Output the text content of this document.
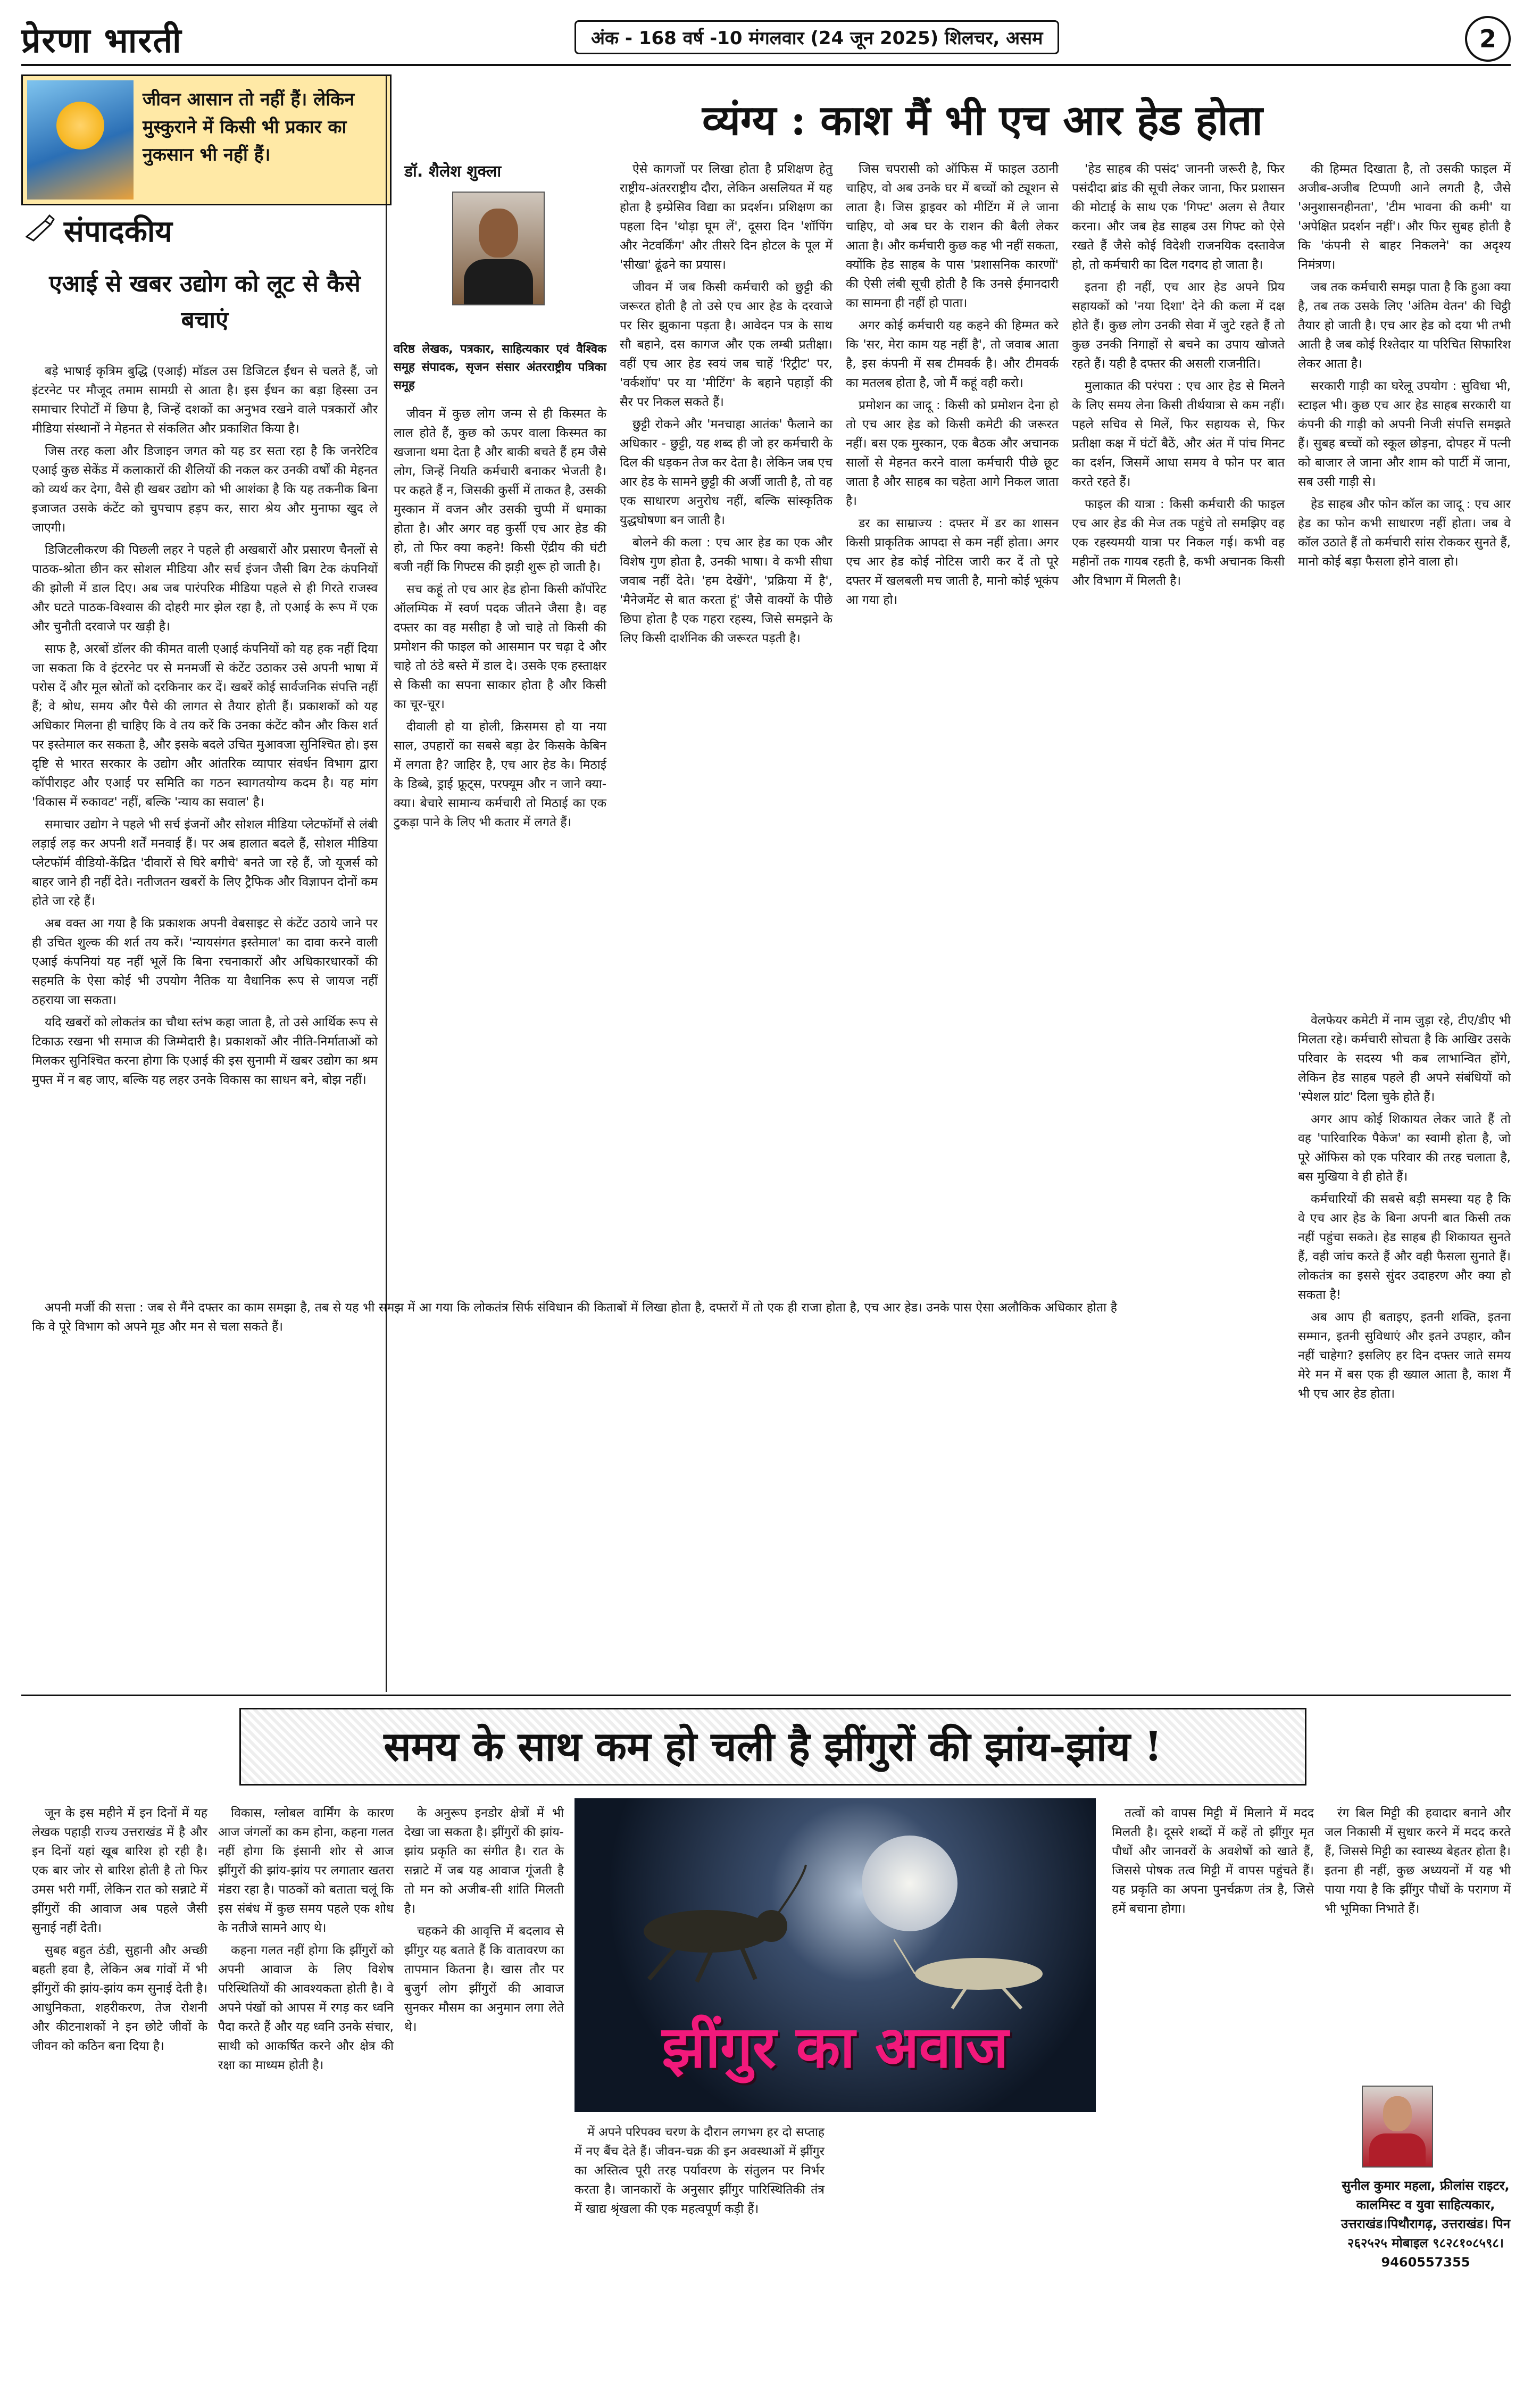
प्रेरणा भारती	अंक - 168 वर्ष -10 मंगलवार (24 जून 2025) शिलचर, असम	2
जीवन आसान तो नहीं हैं। लेकिन मुस्कुराने में किसी भी प्रकार का नुकसान भी नहीं हैं।
संपादकीय
एआई से खबर उद्योग को लूट से कैसे बचाएं

बड़े भाषाई कृत्रिम बुद्धि (एआई) मॉडल उस डिजिटल ईंधन से चलते हैं, जो इंटरनेट पर मौजूद तमाम सामग्री से आता है। इस ईंधन का बड़ा हिस्सा उन समाचार रिपोर्टों में छिपा है, जिन्हें दशकों का अनुभव रखने वाले पत्रकारों और मीडिया संस्थानों ने मेहनत से संकलित और प्रकाशित किया है।

जिस तरह कला और डिजाइन जगत को यह डर सता रहा है कि जनरेटिव एआई कुछ सेकेंड में कलाकारों की शैलियों की नकल कर उनकी वर्षों की मेहनत को व्यर्थ कर देगा, वैसे ही खबर उद्योग को भी आशंका है कि यह तकनीक बिना इजाजत उसके कंटेंट को चुपचाप हड़प कर, सारा श्रेय और मुनाफा खुद ले जाएगी।

डिजिटलीकरण की पिछली लहर ने पहले ही अखबारों और प्रसारण चैनलों से पाठक-श्रोता छीन कर सोशल मीडिया और सर्च इंजन जैसी बिग टेक कंपनियों की झोली में डाल दिए। अब जब पारंपरिक मीडिया पहले से ही गिरते राजस्व और घटते पाठक-विश्वास की दोहरी मार झेल रहा है, तो एआई के रूप में एक और चुनौती दरवाजे पर खड़ी है।

साफ है, अरबों डॉलर की कीमत वाली एआई कंपनियों को यह हक नहीं दिया जा सकता कि वे इंटरनेट पर से मनमर्जी से कंटेंट उठाकर उसे अपनी भाषा में परोस दें और मूल स्रोतों को दरकिनार कर दें। खबरें कोई सार्वजनिक संपत्ति नहीं हैं; वे श्रोध, समय और पैसे की लागत से तैयार होती हैं। प्रकाशकों को यह अधिकार मिलना ही चाहिए कि वे तय करें कि उनका कंटेंट कौन और किस शर्त पर इस्तेमाल कर सकता है, और इसके बदले उचित मुआवजा सुनिश्चित हो। इस दृष्टि से भारत सरकार के उद्योग और आंतरिक व्यापार संवर्धन विभाग द्वारा कॉपीराइट और एआई पर समिति का गठन स्वागतयोग्य कदम है। यह मांग 'विकास में रुकावट' नहीं, बल्कि 'न्याय का सवाल' है।

समाचार उद्योग ने पहले भी सर्च इंजनों और सोशल मीडिया प्लेटफॉर्मों से लंबी लड़ाई लड़ कर अपनी शर्तें मनवाई हैं। पर अब हालात बदले हैं, सोशल मीडिया प्लेटफॉर्म वीडियो-केंद्रित 'दीवारों से घिरे बगीचे' बनते जा रहे हैं, जो यूजर्स को बाहर जाने ही नहीं देते। नतीजतन खबरों के लिए ट्रैफिक और विज्ञापन दोनों कम होते जा रहे हैं।

अब वक्त आ गया है कि प्रकाशक अपनी वेबसाइट से कंटेंट उठाये जाने पर ही उचित शुल्क की शर्त तय करें। 'न्यायसंगत इस्तेमाल' का दावा करने वाली एआई कंपनियां यह नहीं भूलें कि बिना रचनाकारों और अधिकारधारकों की सहमति के ऐसा कोई भी उपयोग नैतिक या वैधानिक रूप से जायज नहीं ठहराया जा सकता।

यदि खबरों को लोकतंत्र का चौथा स्तंभ कहा जाता है, तो उसे आर्थिक रूप से टिकाऊ रखना भी समाज की जिम्मेदारी है। प्रकाशकों और नीति-निर्माताओं को मिलकर सुनिश्चित करना होगा कि एआई की इस सुनामी में खबर उद्योग का श्रम मुफ्त में न बह जाए, बल्कि यह लहर उनके विकास का साधन बने, बोझ नहीं।

व्यंग्य : काश मैं भी एच आर हेड होता
डॉ. शैलेश शुक्ला
वरिष्ठ लेखक, पत्रकार, साहित्यकार एवं वैश्विक समूह संपादक, सृजन संसार अंतरराष्ट्रीय पत्रिका समूह

जीवन में कुछ लोग जन्म से ही किस्मत के लाल होते हैं, कुछ को ऊपर वाला किस्मत का खजाना थमा देता है और बाकी बचते हैं हम जैसे लोग, जिन्हें नियति कर्मचारी बनाकर भेजती है। पर कहते हैं न, जिसकी कुर्सी में ताकत है, उसकी मुस्कान में वजन और उसकी चुप्पी में धमाका होता है। और अगर वह कुर्सी एच आर हेड की हो, तो फिर क्या कहने! किसी ऐंद्रीय की घंटी बजी नहीं कि गिफ्टस की झड़ी शुरू हो जाती है।

सच कहूं तो एच आर हेड होना किसी कॉर्पोरेट ऑलम्पिक में स्वर्ण पदक जीतने जैसा है। वह दफ्तर का वह मसीहा है जो चाहे तो किसी की प्रमोशन की फाइल को आसमान पर चढ़ा दे और चाहे तो ठंडे बस्ते में डाल दे। उसके एक हस्ताक्षर से किसी का सपना साकार होता है और किसी का चूर-चूर।

दीवाली हो या होली, क्रिसमस हो या नया साल, उपहारों का सबसे बड़ा ढेर किसके केबिन में लगता है? जाहिर है, एच आर हेड के। मिठाई के डिब्बे, ड्राई फ्रूट्स, परफ्यूम और न जाने क्या-क्या। बेचारे सामान्य कर्मचारी तो मिठाई का एक टुकड़ा पाने के लिए भी कतार में लगते हैं।

ऐसे कागजों पर लिखा होता है प्रशिक्षण हेतु राष्ट्रीय-अंतरराष्ट्रीय दौरा, लेकिन असलियत में यह होता है इम्प्रेसिव विद्या का प्रदर्शन। प्रशिक्षण का पहला दिन 'थोड़ा घूम लें', दूसरा दिन 'शॉपिंग और नेटवर्किंग' और तीसरे दिन होटल के पूल में 'सीखा' ढूंढने का प्रयास।

जीवन में जब किसी कर्मचारी को छुट्टी की जरूरत होती है तो उसे एच आर हेड के दरवाजे पर सिर झुकाना पड़ता है। आवेदन पत्र के साथ सौ बहाने, दस कागज और एक लम्बी प्रतीक्षा। वहीं एच आर हेड स्वयं जब चाहें 'रिट्रीट' पर, 'वर्कशॉप' पर या 'मीटिंग' के बहाने पहाड़ों की सैर पर निकल सकते हैं।

छुट्टी रोकने और 'मनचाहा आतंक' फैलाने का अधिकार - छुट्टी, यह शब्द ही जो हर कर्मचारी के दिल की धड़कन तेज कर देता है। लेकिन जब एच आर हेड के सामने छुट्टी की अर्जी जाती है, तो वह एक साधारण अनुरोध नहीं, बल्कि सांस्कृतिक युद्धघोषणा बन जाती है।

बोलने की कला : एच आर हेड का एक और विशेष गुण होता है, उनकी भाषा। वे कभी सीधा जवाब नहीं देते। 'हम देखेंगे', 'प्रक्रिया में है', 'मैनेजमेंट से बात करता हूं' जैसे वाक्यों के पीछे छिपा होता है एक गहरा रहस्य, जिसे समझने के लिए किसी दार्शनिक की जरूरत पड़ती है।

जिस चपरासी को ऑफिस में फाइल उठानी चाहिए, वो अब उनके घर में बच्चों को ट्यूशन से लाता है। जिस ड्राइवर को मीटिंग में ले जाना चाहिए, वो अब घर के राशन की बैली लेकर आता है। और कर्मचारी कुछ कह भी नहीं सकता, क्योंकि हेड साहब के पास 'प्रशासनिक कारणों' की ऐसी लंबी सूची होती है कि उनसे ईमानदारी का सामना ही नहीं हो पाता।

अगर कोई कर्मचारी यह कहने की हिम्मत करे कि 'सर, मेरा काम यह नहीं है', तो जवाब आता है, इस कंपनी में सब टीमवर्क है। और टीमवर्क का मतलब होता है, जो मैं कहूं वही करो।

प्रमोशन का जादू : किसी को प्रमोशन देना हो तो एच आर हेड को किसी कमेटी की जरूरत नहीं। बस एक मुस्कान, एक बैठक और अचानक सालों से मेहनत करने वाला कर्मचारी पीछे छूट जाता है और साहब का चहेता आगे निकल जाता है।

डर का साम्राज्य : दफ्तर में डर का शासन किसी प्राकृतिक आपदा से कम नहीं होता। अगर एच आर हेड कोई नोटिस जारी कर दें तो पूरे दफ्तर में खलबली मच जाती है, मानो कोई भूकंप आ गया हो।

'हेड साहब की पसंद' जाननी जरूरी है, फिर पसंदीदा ब्रांड की सूची लेकर जाना, फिर प्रशासन की मोटाई के साथ एक 'गिफ्ट' अलग से तैयार करना। और जब हेड साहब उस गिफ्ट को ऐसे रखते हैं जैसे कोई विदेशी राजनयिक दस्तावेज हो, तो कर्मचारी का दिल गदगद हो जाता है।

इतना ही नहीं, एच आर हेड अपने प्रिय सहायकों को 'नया दिशा' देने की कला में दक्ष होते हैं। कुछ लोग उनकी सेवा में जुटे रहते हैं तो कुछ उनकी निगाहों से बचने का उपाय खोजते रहते हैं। यही है दफ्तर की असली राजनीति।

मुलाकात की परंपरा : एच आर हेड से मिलने के लिए समय लेना किसी तीर्थयात्रा से कम नहीं। पहले सचिव से मिलें, फिर सहायक से, फिर प्रतीक्षा कक्ष में घंटों बैठें, और अंत में पांच मिनट का दर्शन, जिसमें आधा समय वे फोन पर बात करते रहते हैं।

फाइल की यात्रा : किसी कर्मचारी की फाइल एच आर हेड की मेज तक पहुंचे तो समझिए वह एक रहस्यमयी यात्रा पर निकल गई। कभी वह महीनों तक गायब रहती है, कभी अचानक किसी और विभाग में मिलती है।

की हिम्मत दिखाता है, तो उसकी फाइल में अजीब-अजीब टिप्पणी आने लगती है, जैसे 'अनुशासनहीनता', 'टीम भावना की कमी' या 'अपेक्षित प्रदर्शन नहीं'। और फिर सुबह होती है कि 'कंपनी से बाहर निकलने' का अदृश्य निमंत्रण।

जब तक कर्मचारी समझ पाता है कि हुआ क्या है, तब तक उसके लिए 'अंतिम वेतन' की चिट्ठी तैयार हो जाती है। एच आर हेड को दया भी तभी आती है जब कोई रिश्तेदार या परिचित सिफारिश लेकर आता है।

सरकारी गाड़ी का घरेलू उपयोग : सुविधा भी, स्टाइल भी। कुछ एच आर हेड साहब सरकारी या कंपनी की गाड़ी को अपनी निजी संपत्ति समझते हैं। सुबह बच्चों को स्कूल छोड़ना, दोपहर में पत्नी को बाजार ले जाना और शाम को पार्टी में जाना, सब उसी गाड़ी से।

हेड साहब और फोन कॉल का जादू : एच आर हेड का फोन कभी साधारण नहीं होता। जब वे कॉल उठाते हैं तो कर्मचारी सांस रोककर सुनते हैं, मानो कोई बड़ा फैसला होने वाला हो।

अपनी मर्जी की सत्ता : जब से मैंने दफ्तर का काम समझा है, तब से यह भी समझ में आ गया कि लोकतंत्र सिर्फ संविधान की किताबों में लिखा होता है, दफ्तरों में तो एक ही राजा होता है, एच आर हेड। उनके पास ऐसा अलौकिक अधिकार होता है कि वे पूरे विभाग को अपने मूड और मन से चला सकते हैं।

वेलफेयर कमेटी में नाम जुड़ा रहे, टीए/डीए भी मिलता रहे। कर्मचारी सोचता है कि आखिर उसके परिवार के सदस्य भी कब लाभान्वित होंगे, लेकिन हेड साहब पहले ही अपने संबंधियों को 'स्पेशल ग्रांट' दिला चुके होते हैं।

अगर आप कोई शिकायत लेकर जाते हैं तो वह 'पारिवारिक पैकेज' का स्वामी होता है, जो पूरे ऑफिस को एक परिवार की तरह चलाता है, बस मुखिया वे ही होते हैं।

कर्मचारियों की सबसे बड़ी समस्या यह है कि वे एच आर हेड के बिना अपनी बात किसी तक नहीं पहुंचा सकते। हेड साहब ही शिकायत सुनते हैं, वही जांच करते हैं और वही फैसला सुनाते हैं। लोकतंत्र का इससे सुंदर उदाहरण और क्या हो सकता है!

अब आप ही बताइए, इतनी शक्ति, इतना सम्मान, इतनी सुविधाएं और इतने उपहार, कौन नहीं चाहेगा? इसलिए हर दिन दफ्तर जाते समय मेरे मन में बस एक ही ख्याल आता है, काश मैं भी एच आर हेड होता।

समय के साथ कम हो चली है झींगुरों की झांय-झांय !

जून के इस महीने में इन दिनों में यह लेखक पहाड़ी राज्य उत्तराखंड में है और इन दिनों यहां खूब बारिश हो रही है। एक बार जोर से बारिश होती है तो फिर उमस भरी गर्मी, लेकिन रात को सन्नाटे में झींगुरों की आवाज अब पहले जैसी सुनाई नहीं देती।

सुबह बहुत ठंडी, सुहानी और अच्छी बहती हवा है, लेकिन अब गांवों में भी झींगुरों की झांय-झांय कम सुनाई देती है। आधुनिकता, शहरीकरण, तेज रोशनी और कीटनाशकों ने इन छोटे जीवों के जीवन को कठिन बना दिया है।

विकास, ग्लोबल वार्मिंग के कारण आज जंगलों का कम होना, कहना गलत नहीं होगा कि इंसानी शोर से आज झींगुरों की झांय-झांय पर लगातार खतरा मंडरा रहा है। पाठकों को बताता चलूं कि इस संबंध में कुछ समय पहले एक शोध के नतीजे सामने आए थे।

कहना गलत नहीं होगा कि झींगुरों को अपनी आवाज के लिए विशेष परिस्थितियों की आवश्यकता होती है। वे अपने पंखों को आपस में रगड़ कर ध्वनि पैदा करते हैं और यह ध्वनि उनके संचार, साथी को आकर्षित करने और क्षेत्र की रक्षा का माध्यम होती है।

के अनुरूप इनडोर क्षेत्रों में भी देखा जा सकता है। झींगुरों की झांय-झांय प्रकृति का संगीत है। रात के सन्नाटे में जब यह आवाज गूंजती है तो मन को अजीब-सी शांति मिलती है।

चहकने की आवृत्ति में बदलाव से झींगुर यह बताते हैं कि वातावरण का तापमान कितना है। खास तौर पर बुजुर्ग लोग झींगुरों की आवाज सुनकर मौसम का अनुमान लगा लेते थे।	झींगुर का अवाज

में अपने परिपक्व चरण के दौरान लगभग हर दो सप्ताह में नए बैंच देते हैं। जीवन-चक्र की इन अवस्थाओं में झींगुर का अस्तित्व पूरी तरह पर्यावरण के संतुलन पर निर्भर करता है। जानकारों के अनुसार झींगुर पारिस्थितिकी तंत्र में खाद्य श्रृंखला की एक महत्वपूर्ण कड़ी हैं।

तत्वों को वापस मिट्टी में मिलाने में मदद मिलती है। दूसरे शब्दों में कहें तो झींगुर मृत पौधों और जानवरों के अवशेषों को खाते हैं, जिससे पोषक तत्व मिट्टी में वापस पहुंचते हैं। यह प्रकृति का अपना पुनर्चक्रण तंत्र है, जिसे हमें बचाना होगा।

रंग बिल मिट्टी की हवादार बनाने और जल निकासी में सुधार करने में मदद करते हैं, जिससे मिट्टी का स्वास्थ्य बेहतर होता है। इतना ही नहीं, कुछ अध्ययनों में यह भी पाया गया है कि झींगुर पौधों के परागण में भी भूमिका निभाते हैं।

सुनील कुमार महला, फ्रीलांस राइटर, कालमिस्ट व युवा साहित्यकार, उत्तराखंड।पिथौरागढ़, उत्तराखंड। पिन २६२५२५ मोबाइल ९८२८१०८५९८। 9460557355
